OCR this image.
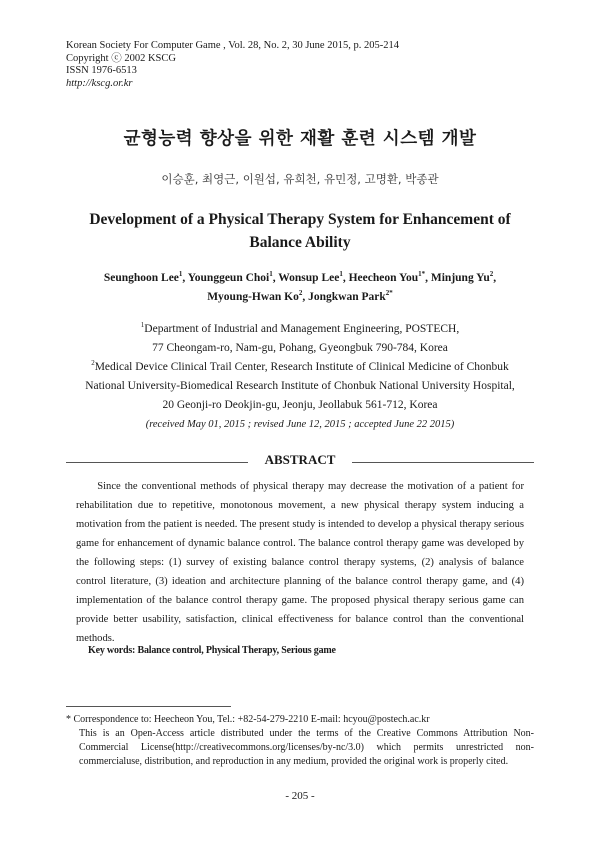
Korean Society For Computer Game , Vol. 28, No. 2, 30 June 2015, p. 205-214
Copyright ⓒ 2002 KSCG
ISSN 1976-6513
http://kscg.or.kr
균형능력 향상을 위한 재활 훈련 시스템 개발
이승훈, 최영근, 이원섭, 유희천, 유민정, 고명환, 박종관
Development of a Physical Therapy System for Enhancement of Balance Ability
Seunghoon Lee$^1$, Younggeun Choi$^1$, Wonsup Lee$^1$, Heecheon You$^{1*}$, Minjung Yu$^2$,
Myoung-Hwan Ko$^2$, Jongkwan Park$^{2*}$
$^1$Department of Industrial and Management Engineering, POSTECH,
77 Cheongam-ro, Nam-gu, Pohang, Gyeongbuk 790-784, Korea
$^2$Medical Device Clinical Trail Center, Research Institute of Clinical Medicine of Chonbuk
National University-Biomedical Research Institute of Chonbuk National University Hospital,
20 Geonji-ro Deokjin-gu, Jeonju, Jeollabuk 561-712, Korea
(received May 01, 2015 ; revised June 12, 2015 ; accepted June 22 2015)
ABSTRACT
Since the conventional methods of physical therapy may decrease the motivation of a patient for rehabilitation due to repetitive, monotonous movement, a new physical therapy system inducing a motivation from the patient is needed. The present study is intended to develop a physical therapy serious game for enhancement of dynamic balance control. The balance control therapy game was developed by the following steps: (1) survey of existing balance control therapy systems, (2) analysis of balance control literature, (3) ideation and architecture planning of the balance control therapy game, and (4) implementation of the balance control therapy game. The proposed physical therapy serious game can provide better usability, satisfaction, clinical effectiveness for balance control than the conventional methods.
Key words: Balance control, Physical Therapy, Serious game
* Correspondence to: Heecheon You, Tel.: +82-54-279-2210 E-mail: hcyou@postech.ac.kr
This is an Open-Access article distributed under the terms of the Creative Commons Attribution Non-Commercial License(http://creativecommons.org/licenses/by-nc/3.0) which permits unrestricted non-commercialuse, distribution, and reproduction in any medium, provided the original work is properly cited.
- 205 -
